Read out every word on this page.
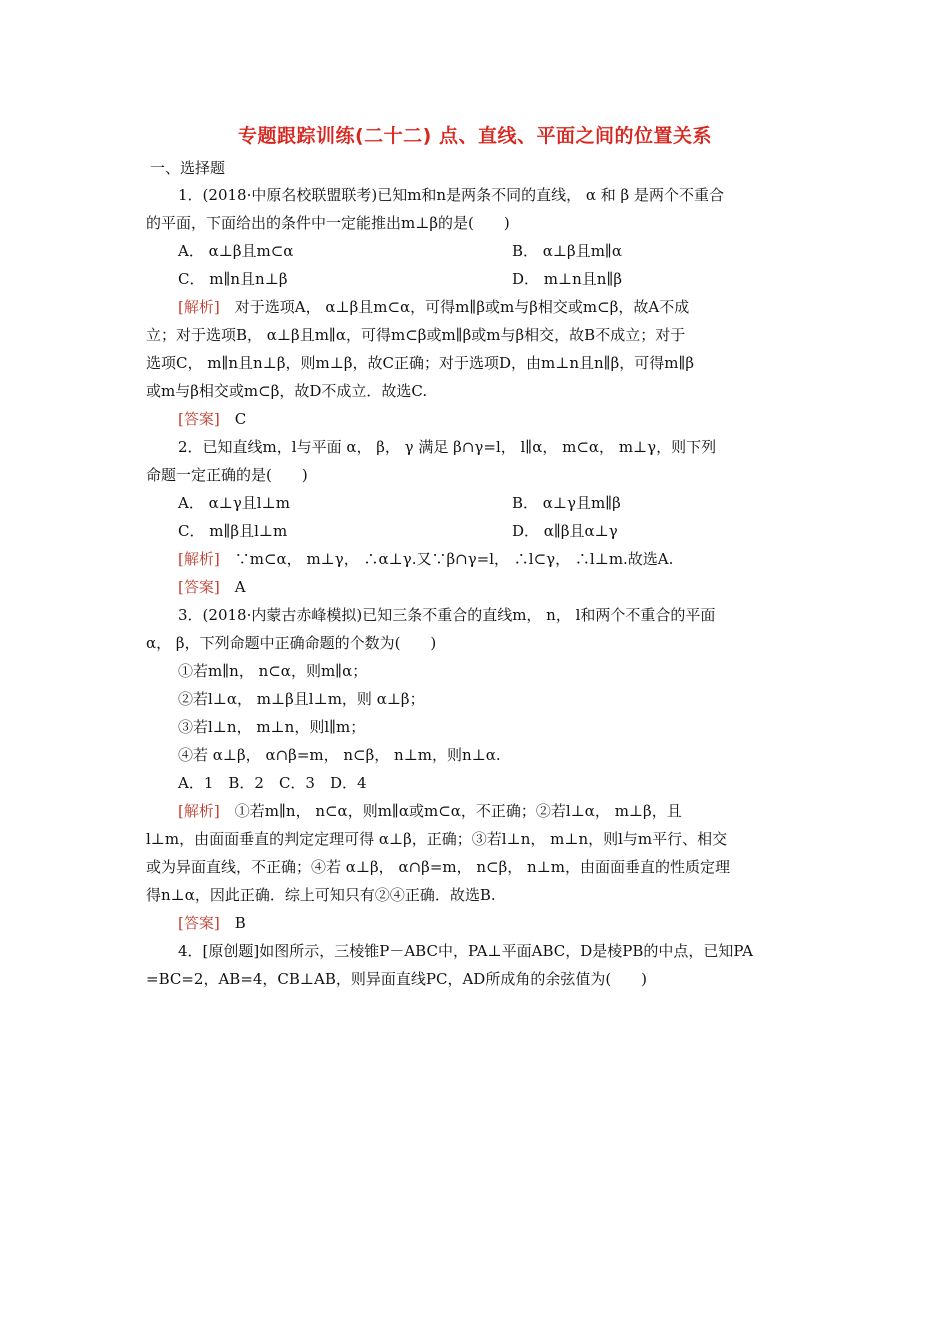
专题跟踪训练(二十二) 点、直线、平面之间的位置关系
一、选择题
1．(2018·中原名校联盟联考)已知m和n是两条不同的直线， α 和 β 是两个不重合
的平面，下面给出的条件中一定能推出m⊥β的是(　　)
A． α⊥β且m⊂α	B． α⊥β且m∥α
C． m∥n且n⊥β	D． m⊥n且n∥β
[ 解析 ]　 对于选项A， α⊥β且m⊂α，可得m∥β或m与β相交或m⊂β，故A不成
立；对于选项B， α⊥β且m∥α，可得m⊂β或m∥β或m与β相交，故B不成立；对于
选项C， m∥n且n⊥β，则m⊥β，故C正确；对于选项D，由m⊥n且n∥β，可得m∥β
或m与β相交或m⊂β，故D不成立．故选C.
[ 答案 ]　 C
2．已知直线m，l与平面 α， β， γ 满足 β∩γ=l， l∥α， m⊂α， m⊥γ，则下列
命题一定正确的是(　　)
A． α⊥γ且l⊥m	B． α⊥γ且m∥β
C． m∥β且l⊥m	D． α∥β且α⊥γ
[ 解析 ]　 ∵m⊂α， m⊥γ， ∴α⊥γ.又∵β∩γ=l， ∴l⊂γ， ∴l⊥m.故选A.
[ 答案 ]　 A
3．(2018·内蒙古赤峰模拟)已知三条不重合的直线m， n， l和两个不重合的平面
α， β，下列命题中正确命题的个数为(　　)
①若m∥n， n⊂α，则m∥α；
②若l⊥α， m⊥β且l⊥m，则 α⊥β；
③若l⊥n， m⊥n，则l∥m；
④若 α⊥β， α∩β=m， n⊂β， n⊥m，则n⊥α.
A．1　B．2　C．3　D．4
[ 解析 ]　 ①若m∥n， n⊂α，则m∥α或m⊂α，不正确；②若l⊥α， m⊥β，且
l⊥m，由面面垂直的判定定理可得 α⊥β，正确；③若l⊥n， m⊥n，则l与m平行、相交
或为异面直线，不正确；④若 α⊥β， α∩β=m， n⊂β， n⊥m，由面面垂直的性质定理
得n⊥α，因此正确．综上可知只有②④正确．故选B.
[ 答案 ]　 B
4．[原创题]如图所示，三棱锥P－ABC中，PA⊥平面ABC，D是棱PB的中点，已知PA
=BC=2，AB=4，CB⊥AB，则异面直线PC，AD所成角的余弦值为(　　)
